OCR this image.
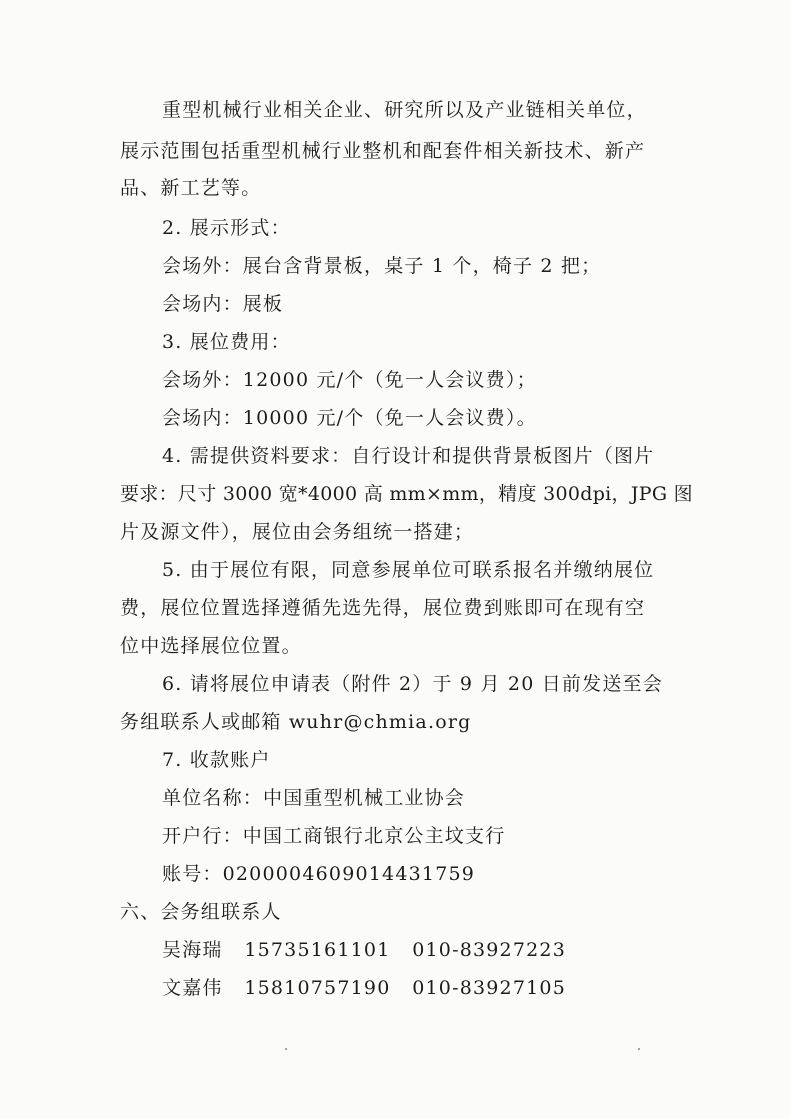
重型机械行业相关企业、研究所以及产业链相关单位，
展示范围包括重型机械行业整机和配套件相关新技术、新产
品、新工艺等。
2. 展示形式：
会场外：展台含背景板，桌子 1 个，椅子 2 把；
会场内：展板
3. 展位费用：
会场外：12000 元/个（免一人会议费）；
会场内：10000 元/个（免一人会议费）。
4. 需提供资料要求：自行设计和提供背景板图片（图片
要求：尺寸 3000 宽*4000 高 mm×mm，精度 300dpi，JPG 图
片及源文件），展位由会务组统一搭建；
5. 由于展位有限，同意参展单位可联系报名并缴纳展位
费，展位位置选择遵循先选先得，展位费到账即可在现有空
位中选择展位位置。
6. 请将展位申请表（附件 2）于 9 月 20 日前发送至会
务组联系人或邮箱 wuhr@chmia.org
7. 收款账户
单位名称：中国重型机械工业协会
开户行：中国工商银行北京公主坟支行
账号：0200004609014431759
六、会务组联系人
吴海瑞   15735161101   010-83927223
文嘉伟   15810757190   010-83927105
